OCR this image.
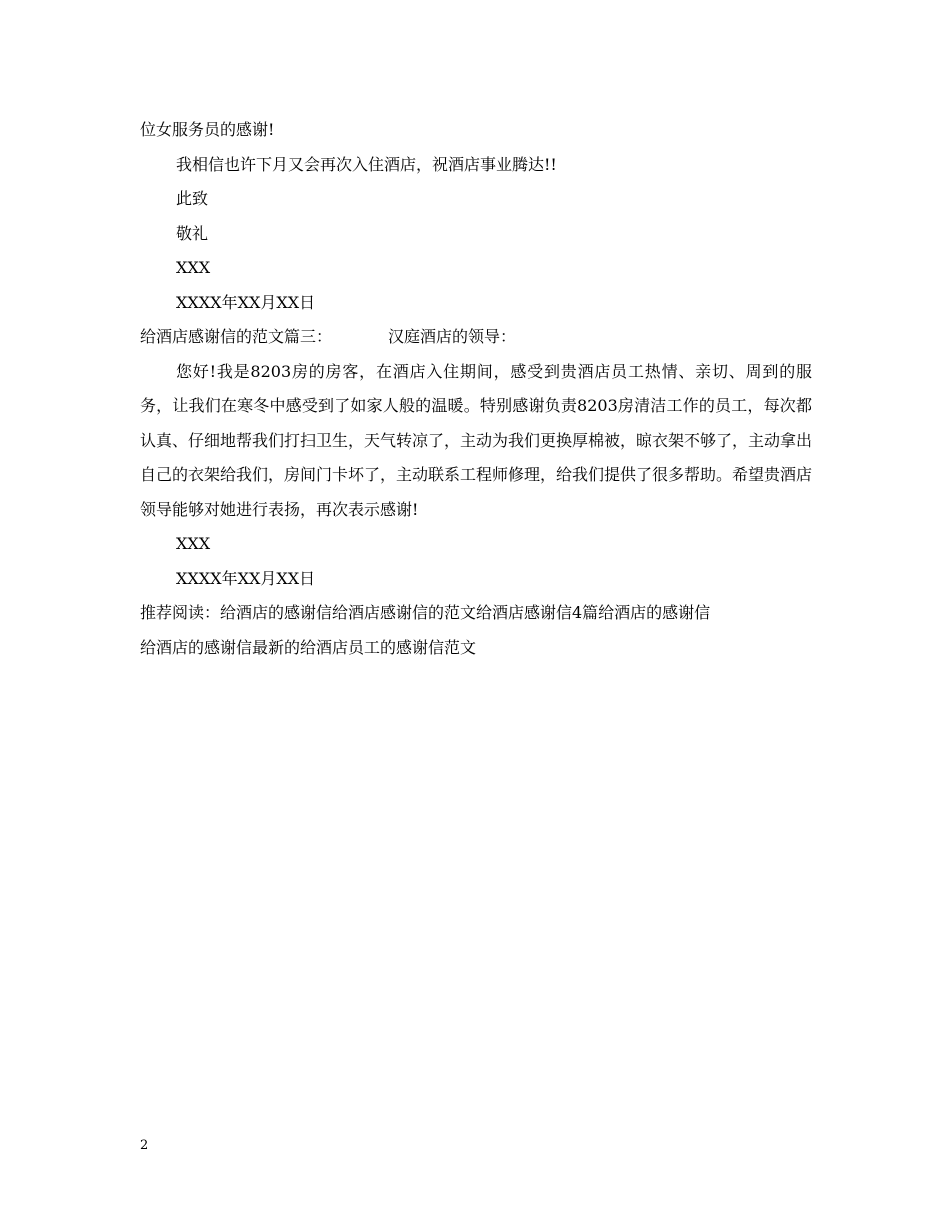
位女服务员的感谢!
我相信也许下月又会再次入住酒店，祝酒店事业腾达!!
此致
敬礼
XXX
XXXX年XX月XX日
给酒店感谢信的范文篇三：	汉庭酒店的领导：

您好!我是8203房的房客，在酒店入住期间，感受到贵酒店员工热情、亲切、周到的服务，让我们在寒冬中感受到了如家人般的温暖。特别感谢负责8203房清洁工作的员工，每次都认真、仔细地帮我们打扫卫生，天气转凉了，主动为我们更换厚棉被，晾衣架不够了，主动拿出自己的衣架给我们，房间门卡坏了，主动联系工程师修理，给我们提供了很多帮助。希望贵酒店领导能够对她进行表扬，再次表示感谢!

XXX
XXXX年XX月XX日
推荐阅读：给酒店的感谢信给酒店感谢信的范文给酒店感谢信4篇给酒店的感谢信
给酒店的感谢信最新的给酒店员工的感谢信范文
2
